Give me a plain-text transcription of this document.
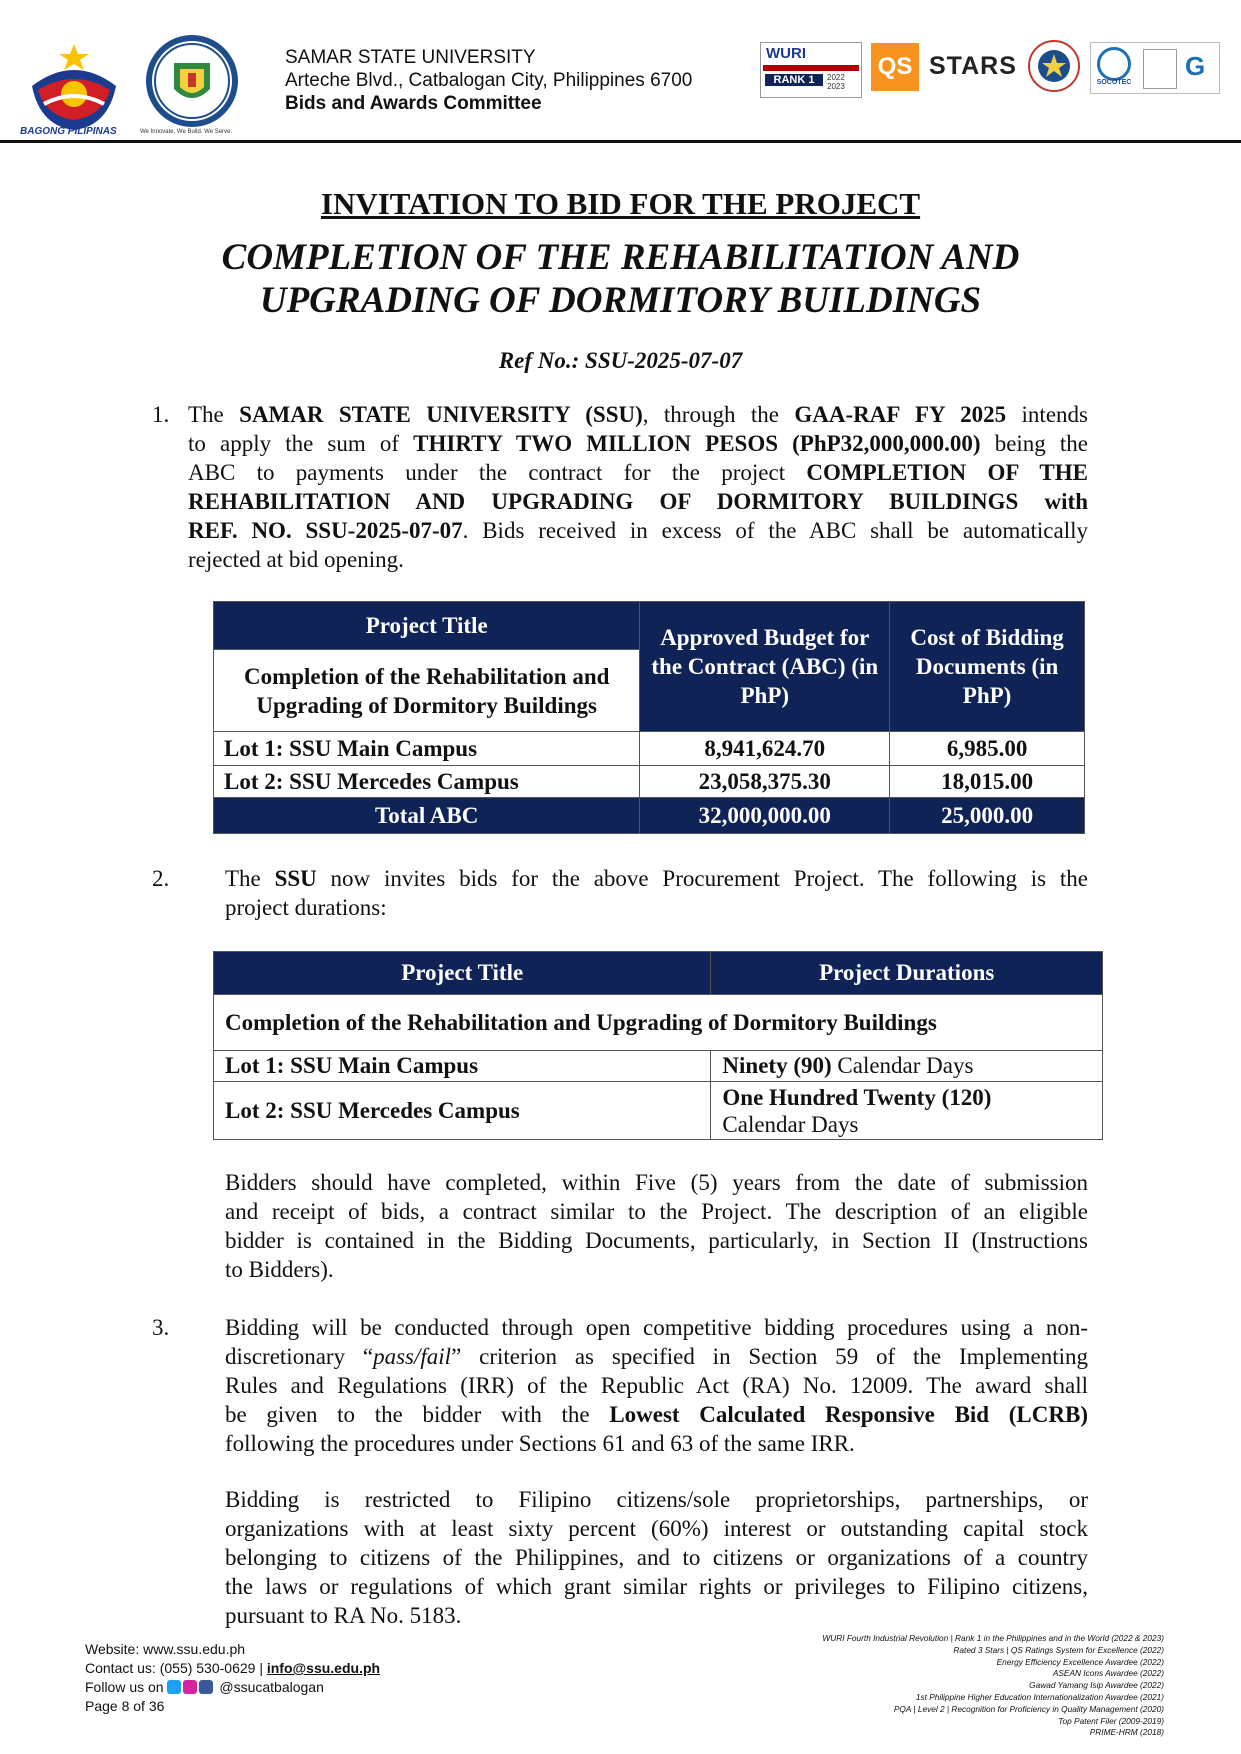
BAGONG PILIPINAS	We Innovate. We Build. We Serve.
SAMAR STATE UNIVERSITY
Arteche Blvd., Catbalogan City, Philippines 6700
Bids and Awards Committee
WURI
RANK 1	2022 2023
QS STARS
SOCOTEC
G
INVITATION TO BID FOR THE PROJECT
COMPLETION OF THE REHABILITATION AND
UPGRADING OF DORMITORY BUILDINGS
Ref No.: SSU-2025-07-07
1. The SAMAR STATE UNIVERSITY (SSU), through the GAA-RAF FY 2025 intends
to apply the sum of THIRTY TWO MILLION PESOS (PhP32,000,000.00) being the
ABC to payments under the contract for the project COMPLETION OF THE
REHABILITATION AND UPGRADING OF DORMITORY BUILDINGS with
REF. NO. SSU-2025-07-07. Bids received in excess of the ABC shall be automatically
rejected at bid opening.
Project Title	Approved Budget for the Contract (ABC) (in PhP)	Cost of Bidding Documents (in PhP)
Completion of the Rehabilitation and Upgrading of Dormitory Buildings		
Lot 1: SSU Main Campus	8,941,624.70	6,985.00
Lot 2: SSU Mercedes Campus	23,058,375.30	18,015.00
Total ABC	32,000,000.00	25,000.00
2. The SSU now invites bids for the above Procurement Project. The following is the
project durations:
Project Title	Project Durations
Completion of the Rehabilitation and Upgrading of Dormitory Buildings	
Lot 1: SSU Main Campus	Ninety (90) Calendar Days
Lot 2: SSU Mercedes Campus	One Hundred Twenty (120)
Calendar Days
Bidders should have completed, within Five (5) years from the date of submission
and receipt of bids, a contract similar to the Project. The description of an eligible
bidder is contained in the Bidding Documents, particularly, in Section II (Instructions
to Bidders).
3. Bidding will be conducted through open competitive bidding procedures using a non-
discretionary “pass/fail” criterion as specified in Section 59 of the Implementing
Rules and Regulations (IRR) of the Republic Act (RA) No. 12009. The award shall
be given to the bidder with the Lowest Calculated Responsive Bid (LCRB)
following the procedures under Sections 61 and 63 of the same IRR.
Bidding is restricted to Filipino citizens/sole proprietorships, partnerships, or
organizations with at least sixty percent (60%) interest or outstanding capital stock
belonging to citizens of the Philippines, and to citizens or organizations of a country
the laws or regulations of which grant similar rights or privileges to Filipino citizens,
pursuant to RA No. 5183.
Website: www.ssu.edu.ph
Contact us: (055) 530-0629 | info@ssu.edu.ph
Follow us on	@ssucatbalogan
Page 8 of 36
WURI Fourth Industrial Revolution | Rank 1 in the Philippines and in the World (2022 & 2023)
Rated 3 Stars | QS Ratings System for Excellence (2022)
Energy Efficiency Excellence Awardee (2022)
ASEAN Icons Awardee (2022)
Gawad Yamang Isip Awardee (2022)
1st Philippine Higher Education Internationalization Awardee (2021)
PQA | Level 2 | Recognition for Proficiency in Quality Management (2020)
Top Patent Filer (2009-2019)
PRIME-HRM (2018)
